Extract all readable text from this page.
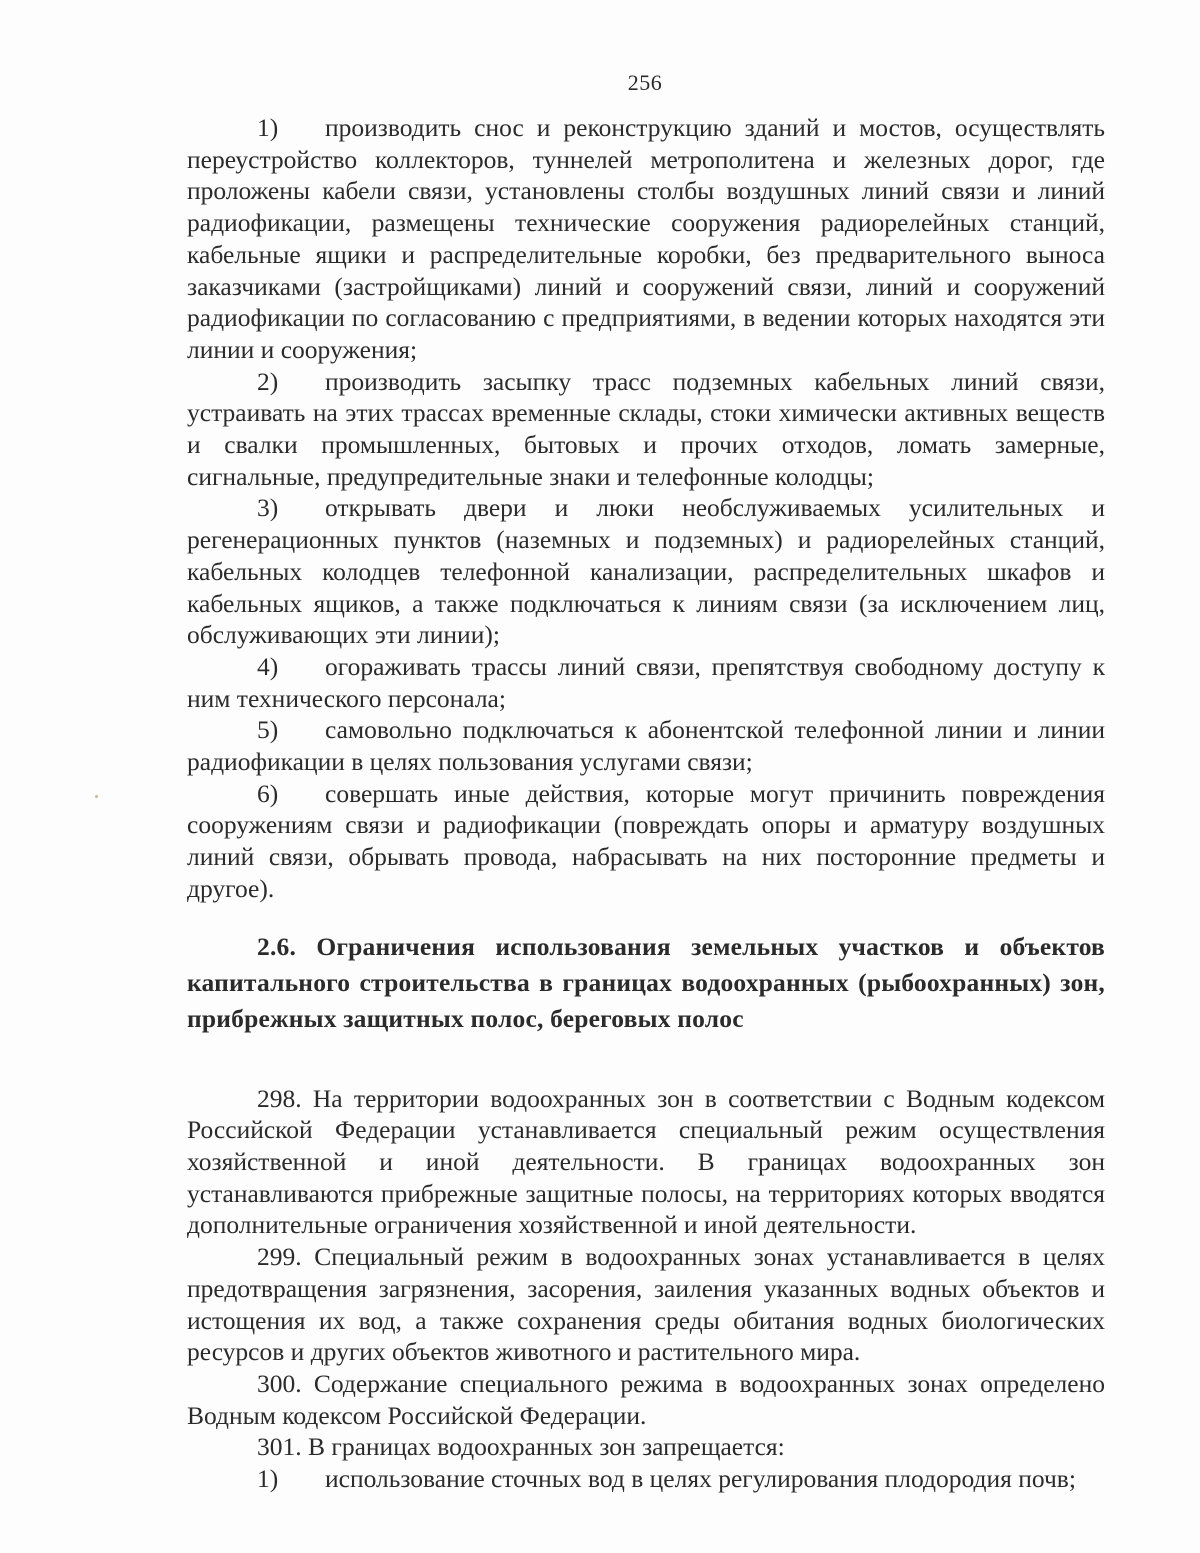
256

1) производить снос и реконструкцию зданий и мостов, осуществлять переустройство коллекторов, туннелей метрополитена и железных дорог, где проложены кабели связи, установлены столбы воздушных линий связи и линий радиофикации, размещены технические сооружения радиорелейных станций, кабельные ящики и распределительные коробки, без предварительного выноса заказчиками (застройщиками) линий и сооружений связи, линий и сооружений радиофикации по согласованию с предприятиями, в ведении которых находятся эти линии и сооружения;

2) производить засыпку трасс подземных кабельных линий связи, устраивать на этих трассах временные склады, стоки химически активных веществ и свалки промышленных, бытовых и прочих отходов, ломать замерные, сигнальные, предупредительные знаки и телефонные колодцы;

3) открывать двери и люки необслуживаемых усилительных и регенерационных пунктов (наземных и подземных) и радиорелейных станций, кабельных колодцев телефонной канализации, распределительных шкафов и кабельных ящиков, а также подключаться к линиям связи (за исключением лиц, обслуживающих эти линии);

4) огораживать трассы линий связи, препятствуя свободному доступу к ним технического персонала;

5) самовольно подключаться к абонентской телефонной линии и линии радиофикации в целях пользования услугами связи;

6) совершать иные действия, которые могут причинить повреждения сооружениям связи и радиофикации (повреждать опоры и арматуру воздушных линий связи, обрывать провода, набрасывать на них посторонние предметы и другое).

2.6. Ограничения использования земельных участков и объектов капитального строительства в границах водоохранных (рыбоохранных) зон, прибрежных защитных полос, береговых полос

298. На территории водоохранных зон в соответствии с Водным кодексом Российской Федерации устанавливается специальный режим осуществления хозяйственной и иной деятельности. В границах водоохранных зон устанавливаются прибрежные защитные полосы, на территориях которых вводятся дополнительные ограничения хозяйственной и иной деятельности.

299. Специальный режим в водоохранных зонах устанавливается в целях предотвращения загрязнения, засорения, заиления указанных водных объектов и истощения их вод, а также сохранения среды обитания водных биологических ресурсов и других объектов животного и растительного мира.

300. Содержание специального режима в водоохранных зонах определено Водным кодексом Российской Федерации.

301. В границах водоохранных зон запрещается:

1) использование сточных вод в целях регулирования плодородия почв;
